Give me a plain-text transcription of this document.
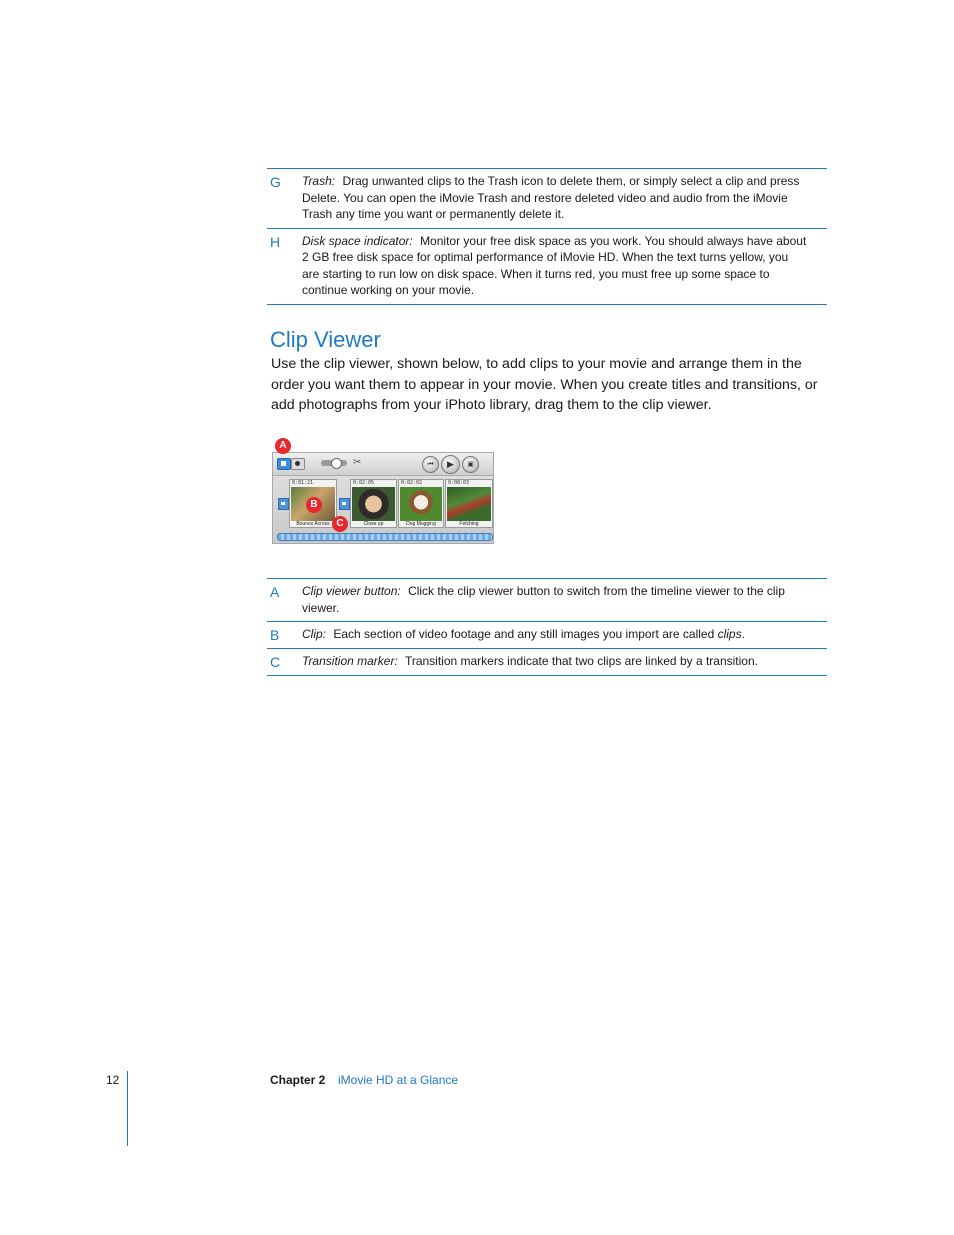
G	Trash: Drag unwanted clips to the Trash icon to delete them, or simply select a clip and press Delete. You can open the iMovie Trash and restore deleted video and audio from the iMovie Trash any time you want or permanently delete it.
H	Disk space indicator: Monitor your free disk space as you work. You should always have about 2 GB free disk space for optimal performance of iMovie HD. When the text turns yellow, you are starting to run low on disk space. When it turns red, you must free up some space to continue working on your movie.
Clip Viewer

Use the clip viewer, shown below, to add clips to your movie and arrange them in the order you want them to appear in your movie. When you create titles and transitions, or add photographs from your iPhoto library, drag them to the clip viewer.

✂	⏮	▶	▣
0:01:21
Bounce Across
0:02:05
Close up
0:02:02
Dog Mugging
0:08:03
Fetching
A
B
C
A	Clip viewer button: Click the clip viewer button to switch from the timeline viewer to the clip viewer.
B	Clip: Each section of video footage and any still images you import are called clips.
C	Transition marker: Transition markers indicate that two clips are linked by a transition.
12	Chapter 2 iMovie HD at a Glance
